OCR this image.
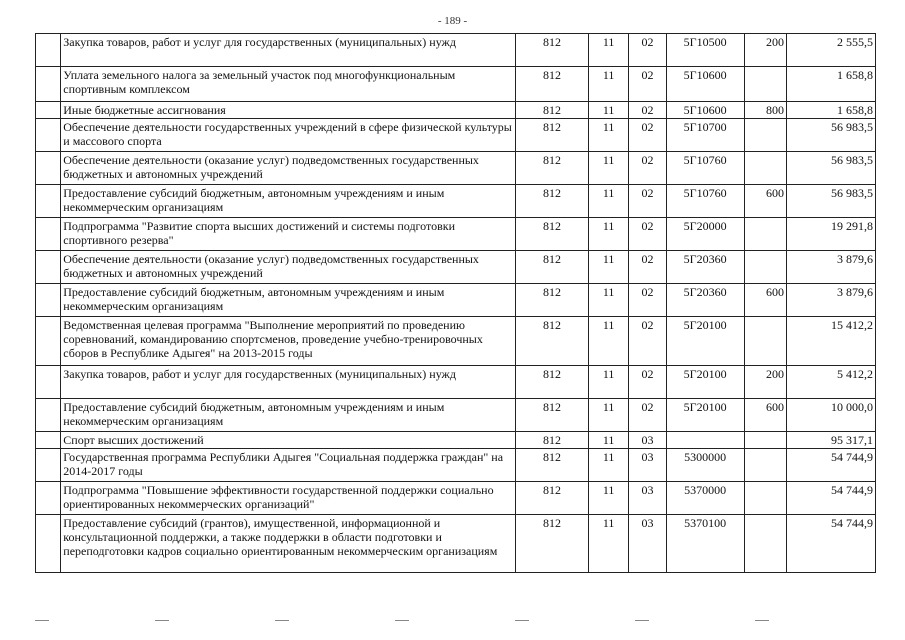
- 189 -
	Закупка товаров, работ и услуг для государственных (муниципальных) нужд	812	11	02	5Г10500	200	2 555,5
	Уплата земельного налога за земельный участок под многофункциональным спортивным комплексом	812	11	02	5Г10600		1 658,8
	Иные бюджетные ассигнования	812	11	02	5Г10600	800	1 658,8
	Обеспечение деятельности государственных учреждений в сфере физической культуры и массового спорта	812	11	02	5Г10700		56 983,5
	Обеспечение деятельности (оказание услуг) подведомственных государственных бюджетных и автономных учреждений	812	11	02	5Г10760		56 983,5
	Предоставление субсидий бюджетным, автономным учреждениям и иным некоммерческим организациям	812	11	02	5Г10760	600	56 983,5
	Подпрограмма "Развитие спорта высших достижений и системы подготовки спортивного резерва"	812	11	02	5Г20000		19 291,8
	Обеспечение деятельности (оказание услуг) подведомственных государственных бюджетных и автономных учреждений	812	11	02	5Г20360		3 879,6
	Предоставление субсидий бюджетным, автономным учреждениям и иным некоммерческим организациям	812	11	02	5Г20360	600	3 879,6
	Ведомственная целевая программа "Выполнение мероприятий по проведению соревнований, командированию спортсменов, проведение учебно-тренировочных сборов в Республике Адыгея" на 2013-2015 годы	812	11	02	5Г20100		15 412,2
	Закупка товаров, работ и услуг для государственных (муниципальных) нужд	812	11	02	5Г20100	200	5 412,2
	Предоставление субсидий бюджетным, автономным учреждениям и иным некоммерческим организациям	812	11	02	5Г20100	600	10 000,0
	Спорт высших достижений	812	11	03			95 317,1
	Государственная программа Республики Адыгея "Социальная поддержка граждан" на 2014-2017 годы	812	11	03	5300000		54 744,9
	Подпрограмма "Повышение эффективности государственной поддержки социально ориентированных некоммерческих организаций"	812	11	03	5370000		54 744,9
	Предоставление субсидий (грантов), имущественной, информационной и консультационной поддержки, а также поддержки в области подготовки и переподготовки кадров социально ориентированным некоммерческим организациям	812	11	03	5370100		54 744,9
